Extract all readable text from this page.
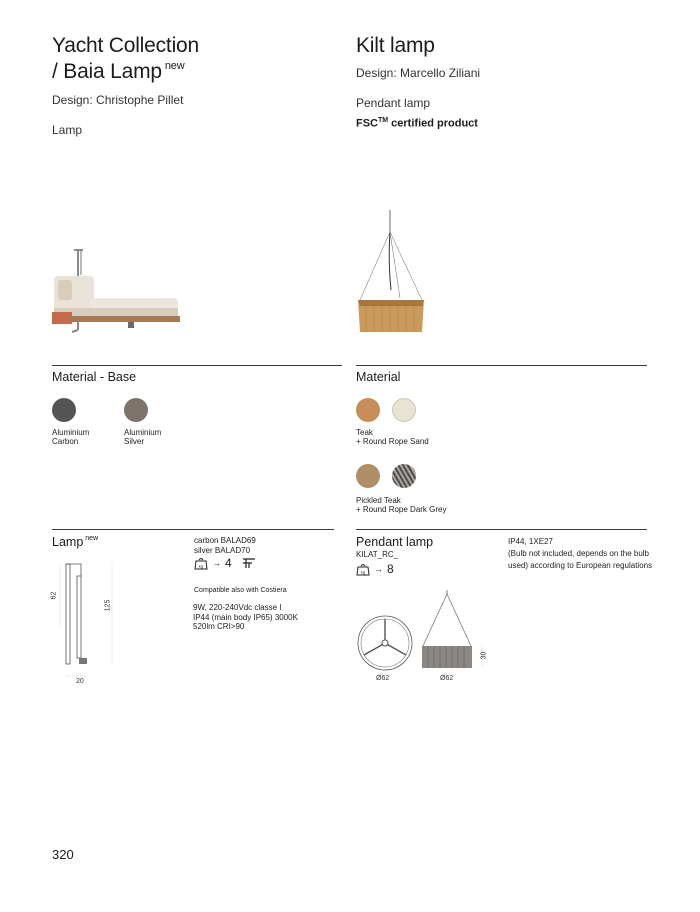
Yacht Collection
/ Baia Lamp $^{new}$
Design: Christophe Pillet
Lamp
Material - Base
Aluminium
Carbon
Aluminium
Silver
Lamp $^{new}$	carbon BALAD69
silver BALAD70
kg → 4
Compatible also with Costiera
9W, 220-240Vdc classe I
IP44 (main body IP65) 3000K
520lm CRI>90
62
125
20
Kilt lamp
Design: Marcello Ziliani
Pendant lamp
FSC™ certified product
Material
Teak
+ Round Rope Sand
Pickled Teak
+ Round Rope Dark Grey
Pendant lamp
KILAT_RC_
kg → 8
IP44, 1XE27
(Bulb not included, depends on the bulb
used) according to European regulations
30
Ø62	Ø62
320
